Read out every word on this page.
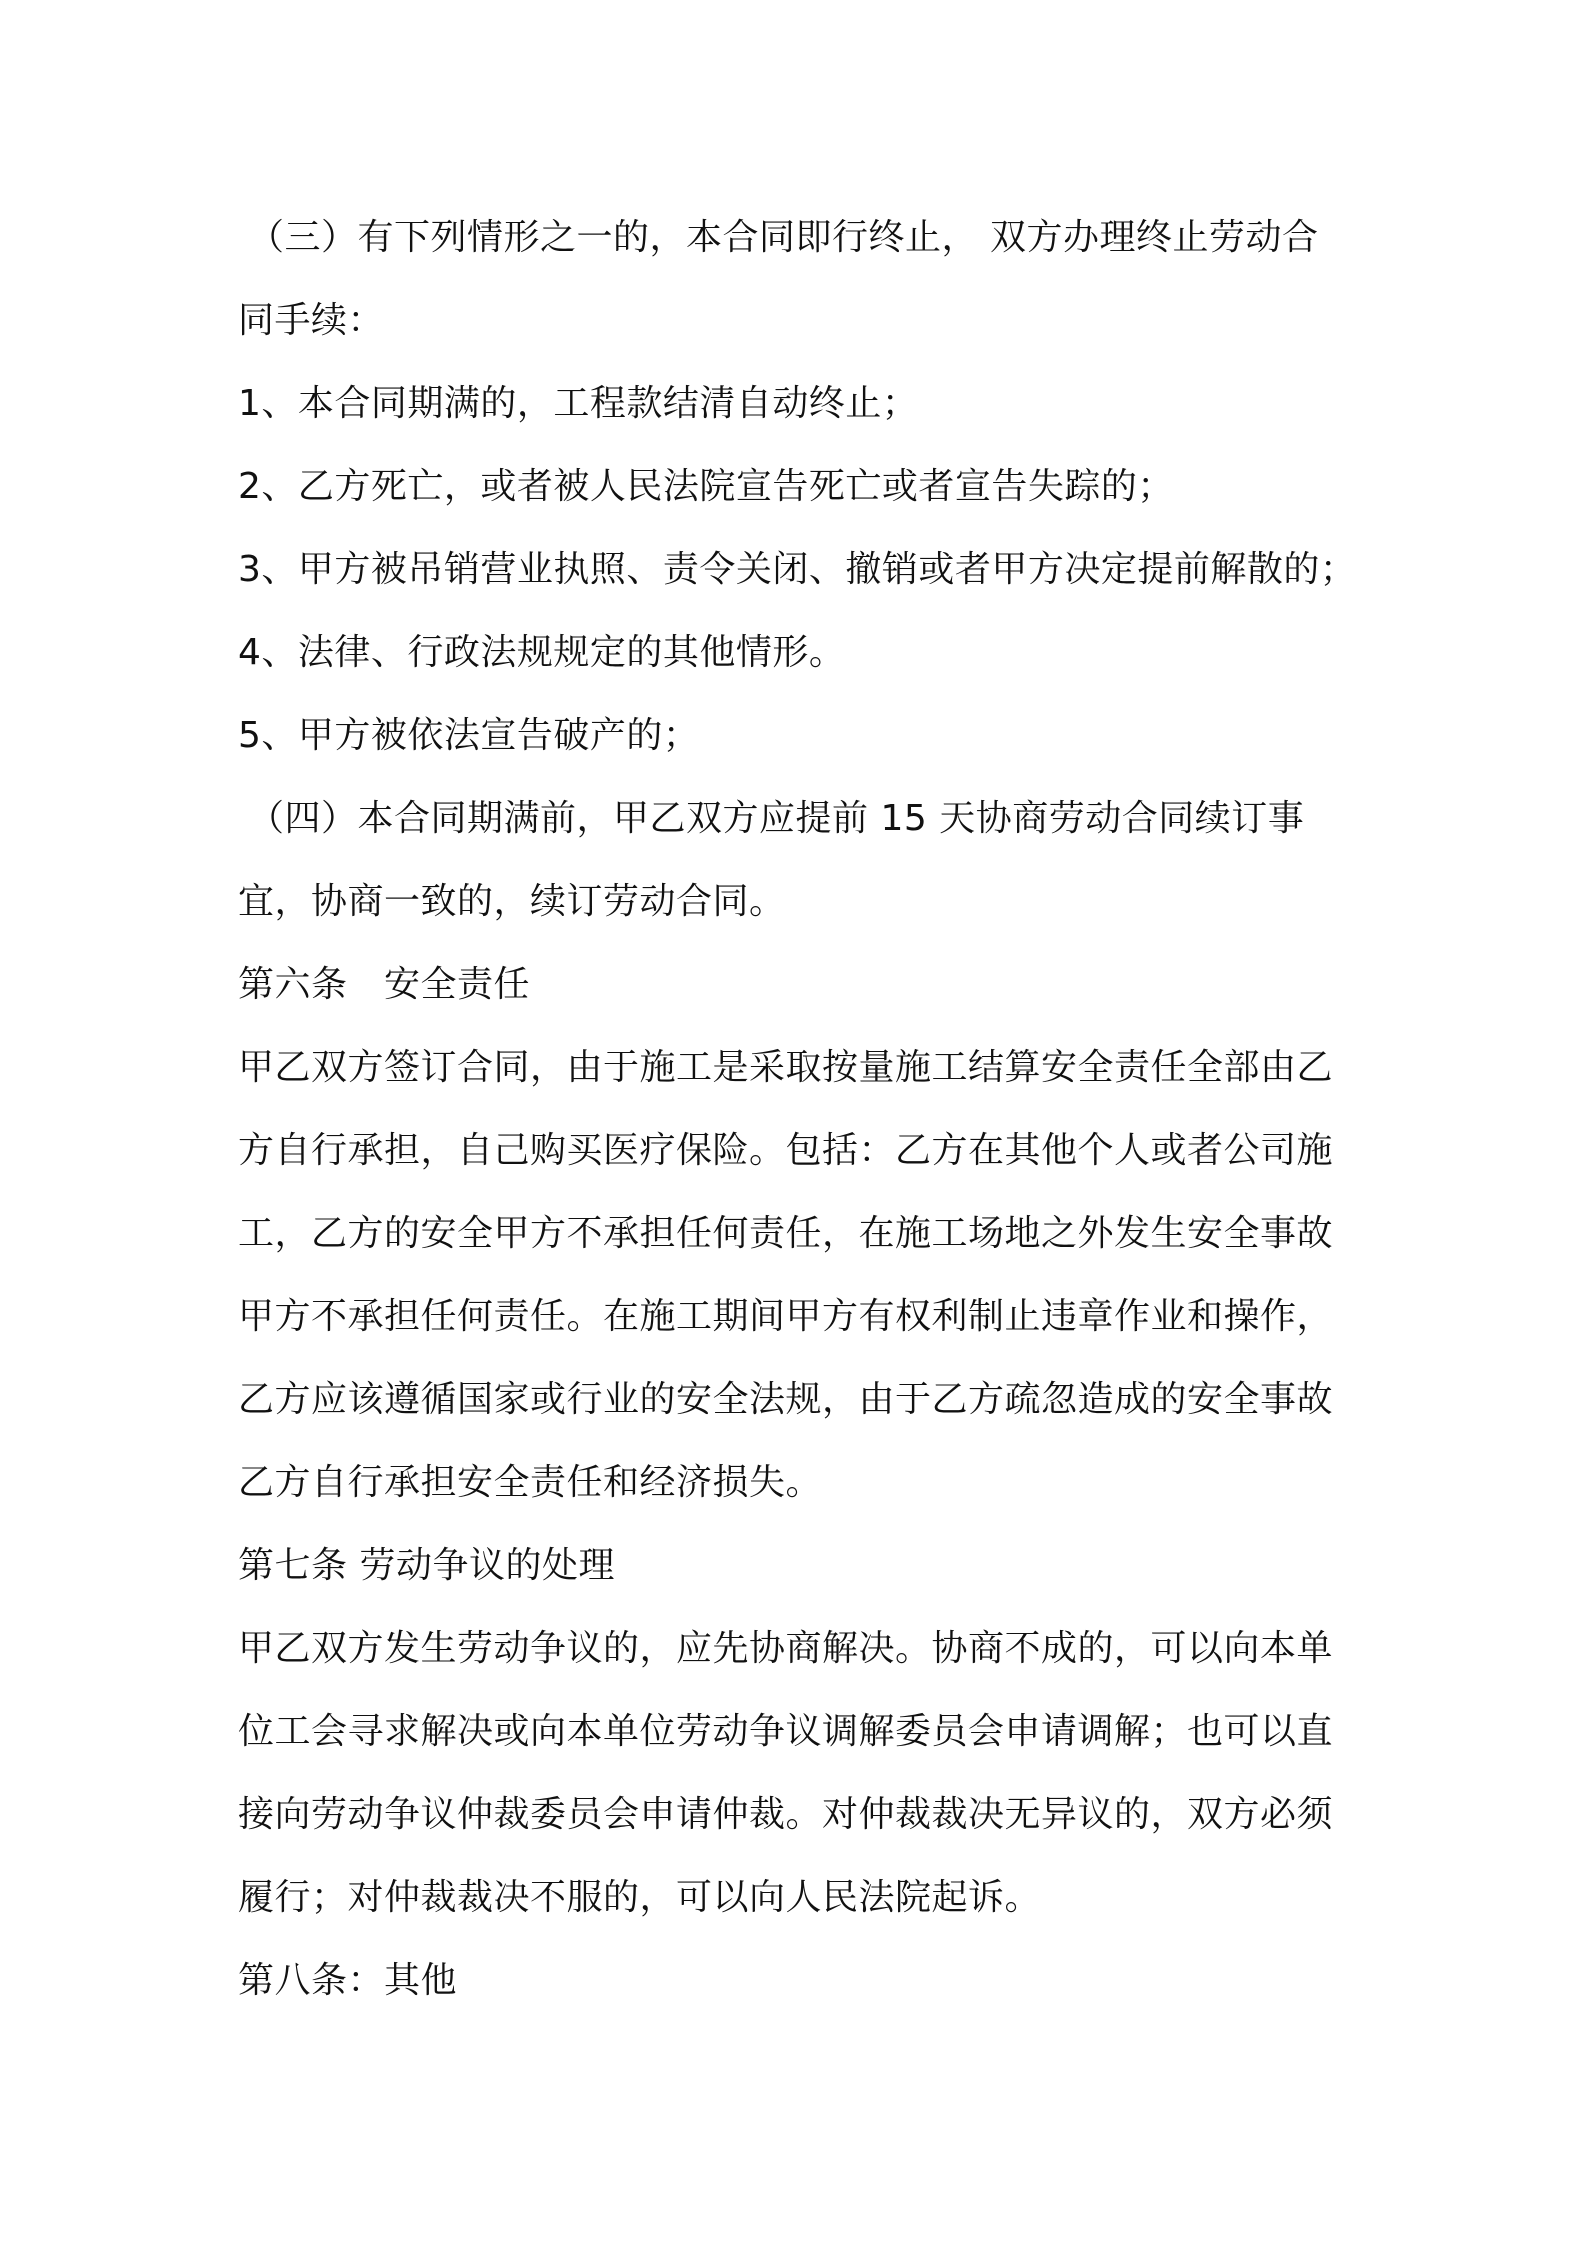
（三）有下列情形之一的，本合同即行终止， 双方办理终止劳动合
同手续：
1、本合同期满的，工程款结清自动终止；
2、乙方死亡，或者被人民法院宣告死亡或者宣告失踪的；
3、甲方被吊销营业执照、责令关闭、撤销或者甲方决定提前解散的；
4、法律、行政法规规定的其他情形。
5、甲方被依法宣告破产的；
（四）本合同期满前，甲乙双方应提前 15 天协商劳动合同续订事
宜，协商一致的，续订劳动合同。
第六条　安全责任
甲乙双方签订合同，由于施工是采取按量施工结算安全责任全部由乙
方自行承担，自己购买医疗保险。包括：乙方在其他个人或者公司施
工，乙方的安全甲方不承担任何责任，在施工场地之外发生安全事故
甲方不承担任何责任。在施工期间甲方有权利制止违章作业和操作，
乙方应该遵循国家或行业的安全法规，由于乙方疏忽造成的安全事故
乙方自行承担安全责任和经济损失。
第七条 劳动争议的处理
甲乙双方发生劳动争议的，应先协商解决。协商不成的，可以向本单
位工会寻求解决或向本单位劳动争议调解委员会申请调解；也可以直
接向劳动争议仲裁委员会申请仲裁。对仲裁裁决无异议的，双方必须
履行；对仲裁裁决不服的，可以向人民法院起诉。
第八条：其他
